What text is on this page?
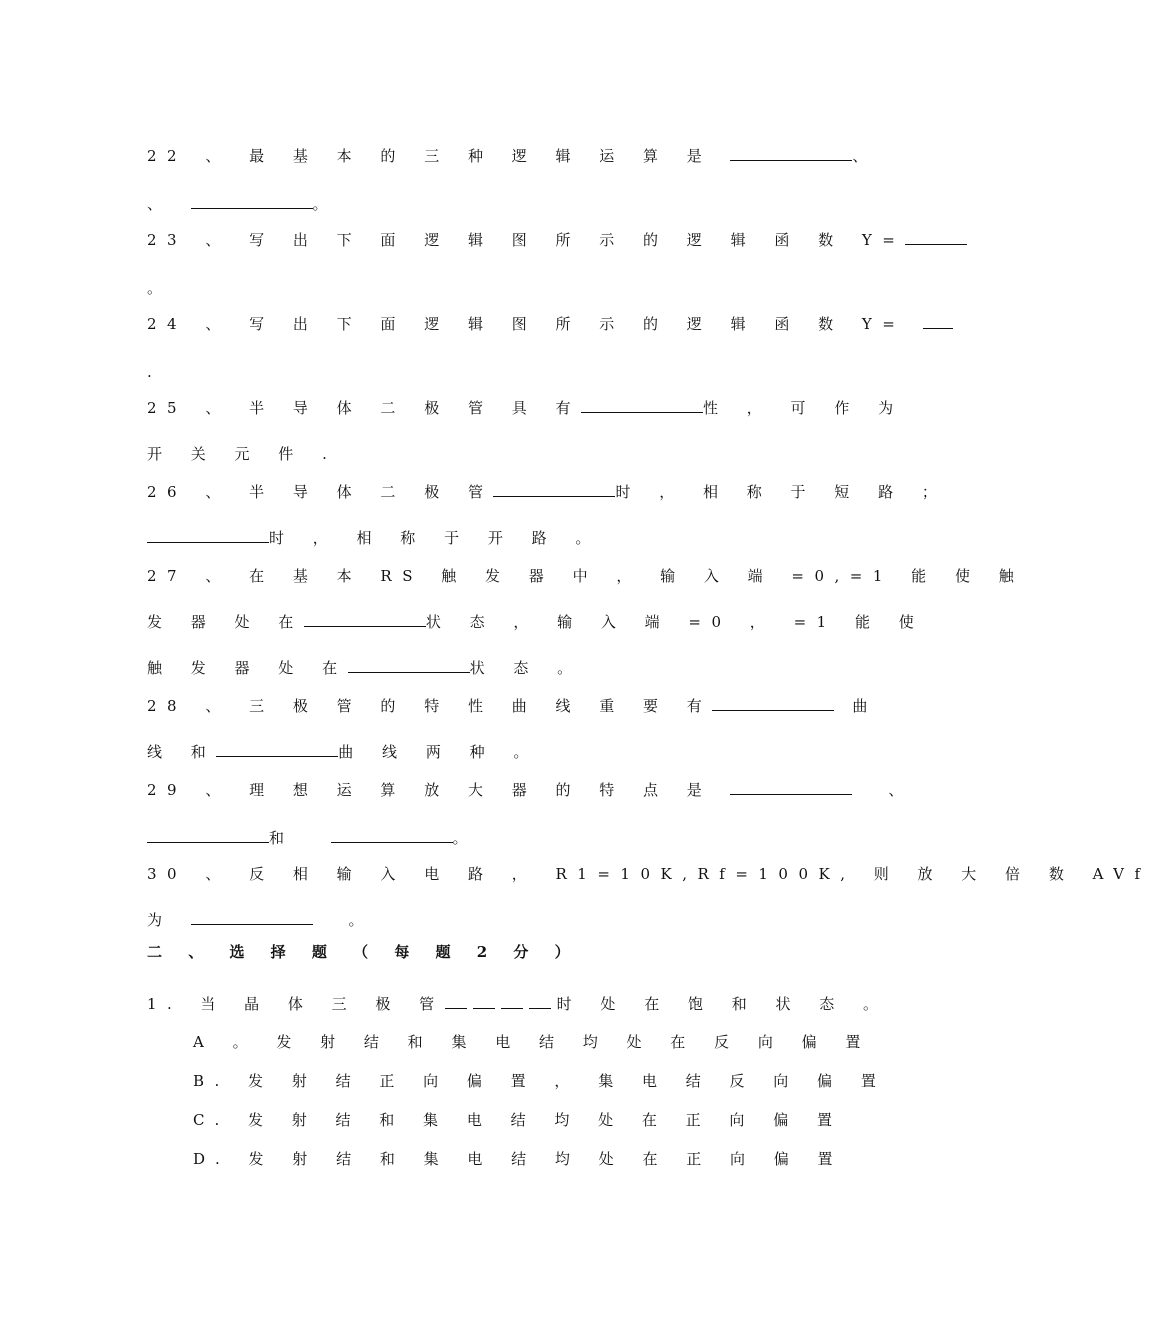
22 、 最 基 本 的 三 种 逻 辑 运 算 是	、
、	。
23 、 写 出 下 面 逻 辑 图 所 示 的 逻 辑 函 数 Y=
。
24 、 写 出 下 面 逻 辑 图 所 示 的 逻 辑 函 数 Y=
.
25 、 半 导 体 二 极 管 具 有	性 ， 可 作 为
开 关 元 件 .
26 、 半 导 体 二 极 管	时 ， 相 称 于 短 路 ；
时 ， 相 称 于 开 路 。
27 、 在 基 本 RS 触 发 器 中 ， 输 入 端 =0,=1 能 使 触
发 器 处 在	状 态 ， 输 入 端 =0 ， =1 能 使
触 发 器 处 在	状 态 。
28 、 三 极 管 的 特 性 曲 线 重 要 有	曲
线 和	曲 线 两 种 。
29 、 理 想 运 算 放 大 器 的 特 点 是	、
和	。
30 、 反 相 输 入 电 路 ， R1=10K,Rf=100K, 则 放 大 倍 数 AVf
为	。
二 、 选 择 题 （ 每 题 2 分 ）
1. 当 晶 体 三 极 管	时 处 在 饱 和 状 态 。
A 。 发 射 结 和 集 电 结 均 处 在 反 向 偏 置
B. 发 射 结 正 向 偏 置 ， 集 电 结 反 向 偏 置
C. 发 射 结 和 集 电 结 均 处 在 正 向 偏 置
D. 发 射 结 和 集 电 结 均 处 在 正 向 偏 置
